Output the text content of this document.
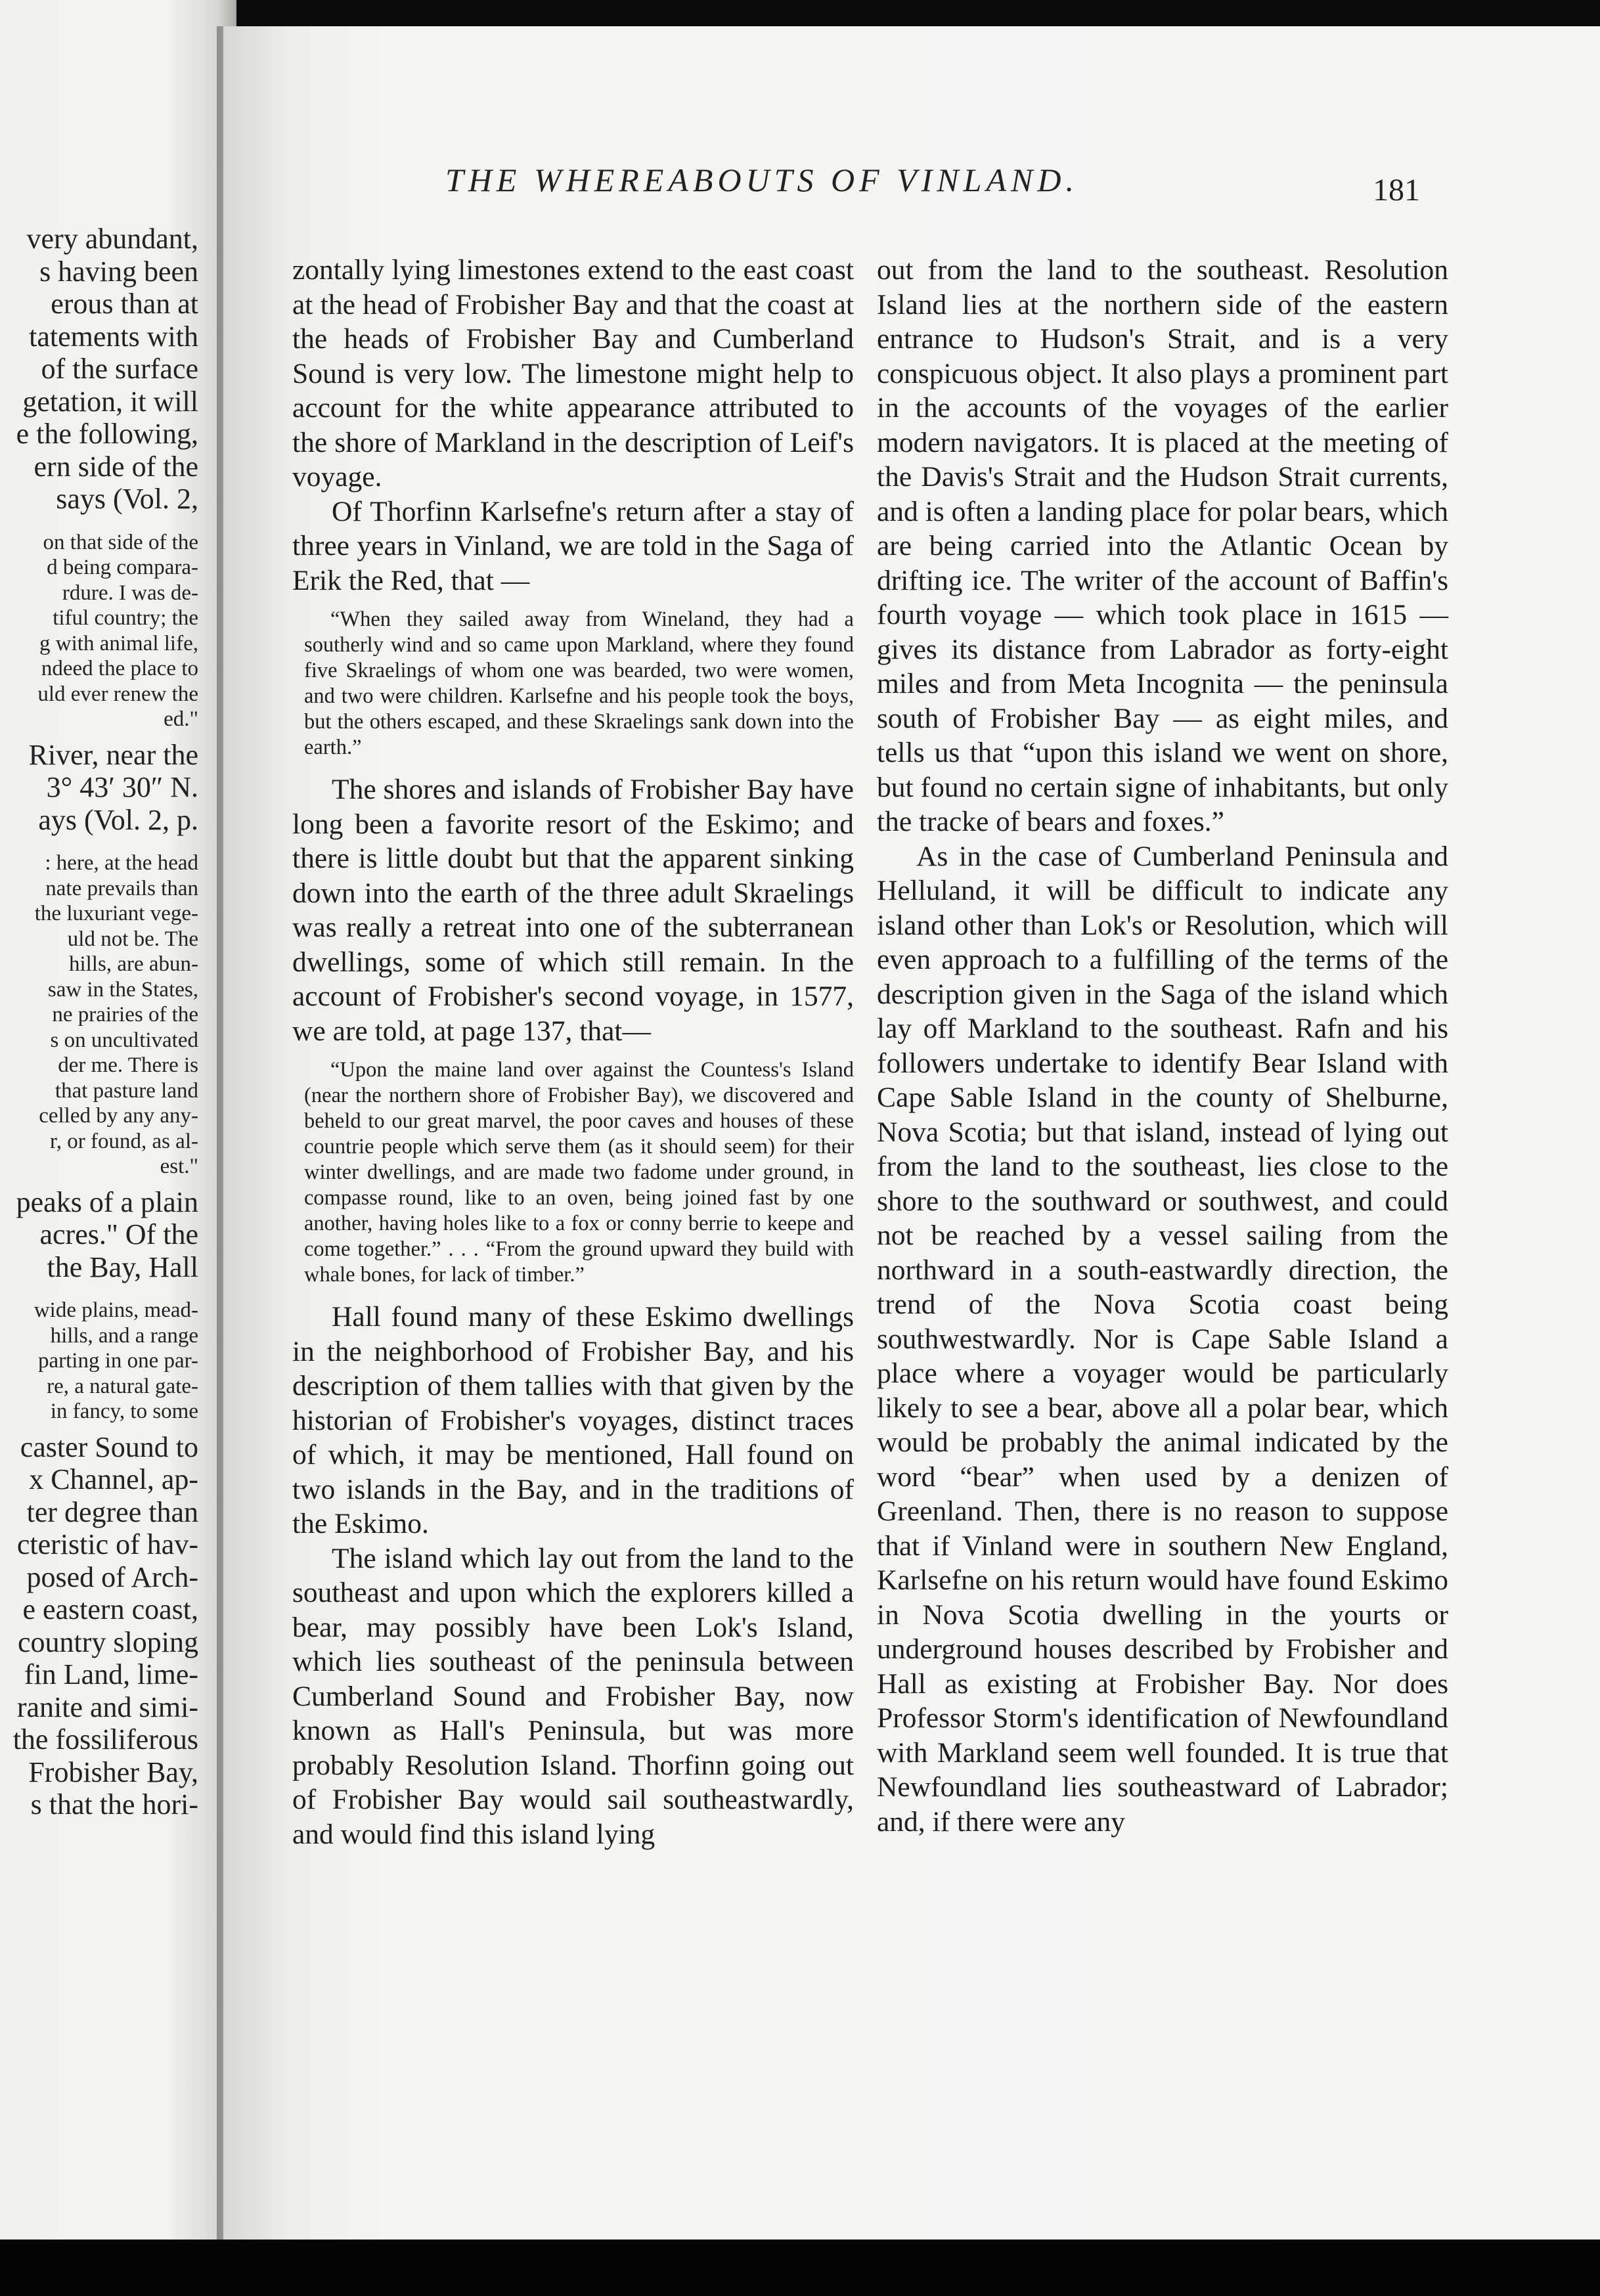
THE WHEREABOUTS OF VINLAND.	181
very abundant,
s having been
erous than at
tatements with
of the surface
getation, it will
e the following,
ern side of the
says (Vol. 2,
on that side of the
d being compara-
rdure. I was de-
tiful country; the
g with animal life,
ndeed the place to
uld ever renew the
ed."
River, near the
3° 43′ 30″ N.
ays (Vol. 2, p.
: here, at the head
nate prevails than
the luxuriant vege-
uld not be. The
hills, are abun-
saw in the States,
ne prairies of the
s on uncultivated
der me. There is
that pasture land
celled by any any-
r, or found, as al-
est."
peaks of a plain
acres." Of the
the Bay, Hall
wide plains, mead-
hills, and a range
parting in one par-
re, a natural gate-
in fancy, to some
caster Sound to
x Channel, ap-
ter degree than
cteristic of hav-
posed of Arch-
e eastern coast,
country sloping
fin Land, lime-
ranite and simi-
the fossiliferous
Frobisher Bay,
s that the hori-

zontally lying limestones extend to the east coast at the head of Frobisher Bay and that the coast at the heads of Frobisher Bay and Cumberland Sound is very low. The limestone might help to account for the white appearance attributed to the shore of Markland in the description of Leif's voyage.

Of Thorfinn Karlsefne's return after a stay of three years in Vinland, we are told in the Saga of Erik the Red, that —

“When they sailed away from Wineland, they had a southerly wind and so came upon Markland, where they found five Skraelings of whom one was bearded, two were women, and two were children. Karlsefne and his people took the boys, but the others escaped, and these Skraelings sank down into the earth.”

The shores and islands of Frobisher Bay have long been a favorite resort of the Eskimo; and there is little doubt but that the apparent sinking down into the earth of the three adult Skraelings was really a retreat into one of the subterranean dwellings, some of which still remain. In the account of Frobisher's second voyage, in 1577, we are told, at page 137, that—

“Upon the maine land over against the Countess's Island (near the northern shore of Frobisher Bay), we discovered and beheld to our great marvel, the poor caves and houses of these countrie people which serve them (as it should seem) for their winter dwellings, and are made two fadome under ground, in compasse round, like to an oven, being joined fast by one another, having holes like to a fox or conny berrie to keepe and come together.” . . . “From the ground upward they build with whale bones, for lack of timber.”

Hall found many of these Eskimo dwellings in the neighborhood of Frobisher Bay, and his description of them tallies with that given by the historian of Frobisher's voyages, distinct traces of which, it may be mentioned, Hall found on two islands in the Bay, and in the traditions of the Eskimo.

The island which lay out from the land to the southeast and upon which the explorers killed a bear, may possibly have been Lok's Island, which lies southeast of the peninsula between Cumberland Sound and Frobisher Bay, now known as Hall's Peninsula, but was more probably Resolution Island. Thorfinn going out of Frobisher Bay would sail southeastwardly, and would find this island lying

out from the land to the southeast. Resolution Island lies at the northern side of the eastern entrance to Hudson's Strait, and is a very conspicuous object. It also plays a prominent part in the accounts of the voyages of the earlier modern navigators. It is placed at the meeting of the Davis's Strait and the Hudson Strait currents, and is often a landing place for polar bears, which are being carried into the Atlantic Ocean by drifting ice. The writer of the account of Baffin's fourth voyage — which took place in 1615 — gives its distance from Labrador as forty-eight miles and from Meta Incognita — the peninsula south of Frobisher Bay — as eight miles, and tells us that “upon this island we went on shore, but found no certain signe of inhabitants, but only the tracke of bears and foxes.”

As in the case of Cumberland Peninsula and Helluland, it will be difficult to indicate any island other than Lok's or Resolution, which will even approach to a fulfilling of the terms of the description given in the Saga of the island which lay off Markland to the southeast. Rafn and his followers undertake to identify Bear Island with Cape Sable Island in the county of Shelburne, Nova Scotia; but that island, instead of lying out from the land to the southeast, lies close to the shore to the southward or southwest, and could not be reached by a vessel sailing from the northward in a south-eastwardly direction, the trend of the Nova Scotia coast being southwestwardly. Nor is Cape Sable Island a place where a voyager would be particularly likely to see a bear, above all a polar bear, which would be probably the animal indicated by the word “bear” when used by a denizen of Greenland. Then, there is no reason to suppose that if Vinland were in southern New England, Karlsefne on his return would have found Eskimo in Nova Scotia dwelling in the yourts or underground houses described by Frobisher and Hall as existing at Frobisher Bay. Nor does Professor Storm's identification of Newfoundland with Markland seem well founded. It is true that Newfoundland lies southeastward of Labrador; and, if there were any
